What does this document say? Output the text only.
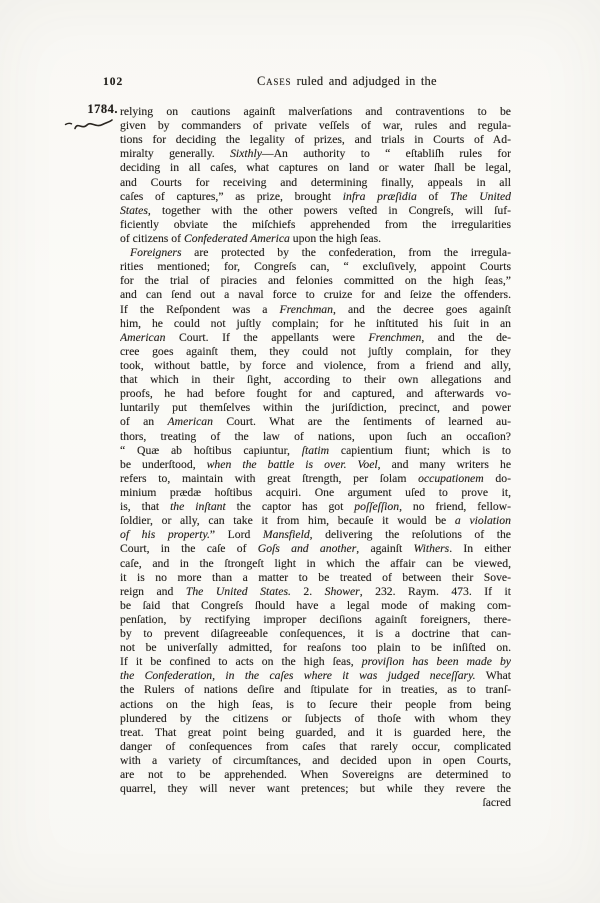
102	Cases ruled and adjudged in the
1784. relying on cautions againſt malverſations and contraventions to be
given by commanders of private veſſels of war, rules and regula-
tions for deciding the legality of prizes, and trials in Courts of Ad-
miralty generally. Sixthly—An authority to “ eſtabliſh rules for
deciding in all caſes, what captures on land or water ſhall be legal,
and Courts for receiving and determining finally, appeals in all
caſes of captures,” as prize, brought infra præſidia of The United
States, together with the other powers veſted in Congreſs, will ſuf-
ficiently obviate the miſchiefs apprehended from the irregularities
of citizens of Confederated America upon the high ſeas.
Foreigners are protected by the confederation, from the irregula-
rities mentioned; for, Congreſs can, “ excluſively, appoint Courts
for the trial of piracies and felonies committed on the high ſeas,”
and can ſend out a naval force to cruize for and ſeize the offenders.
If the Reſpondent was a Frenchman, and the decree goes againſt
him, he could not juſtly complain; for he inſtituted his ſuit in an
American Court. If the appellants were Frenchmen, and the de-
cree goes againſt them, they could not juſtly complain, for they
took, without battle, by force and violence, from a friend and ally,
that which in their ſight, according to their own allegations and
proofs, he had before fought for and captured, and afterwards vo-
luntarily put themſelves within the juriſdiction, precinct, and power
of an American Court. What are the ſentiments of learned au-
thors, treating of the law of nations, upon ſuch an occaſion?
“ Quæ ab hoſtibus capiuntur, ſtatim capientium fiunt; which is to
be underſtood, when the battle is over. Voel, and many writers he
refers to, maintain with great ſtrength, per ſolam occupationem do-
minium prædæ hoſtibus acquiri. One argument uſed to prove it,
is, that the inſtant the captor has got poſſeſſion, no friend, fellow-
ſoldier, or ally, can take it from him, becauſe it would be a violation
of his property.” Lord Mansfield, delivering the reſolutions of the
Court, in the caſe of Goſs and another, againſt Withers. In either
caſe, and in the ſtrongeſt light in which the affair can be viewed,
it is no more than a matter to be treated of between their Sove-
reign and The United States. 2. Shower, 232. Raym. 473. If it
be ſaid that Congreſs ſhould have a legal mode of making com-
penſation, by rectifying improper deciſions againſt foreigners, there-
by to prevent diſagreeable conſequences, it is a doctrine that can-
not be univerſally admitted, for reaſons too plain to be inſiſted on.
If it be confined to acts on the high ſeas, proviſion has been made by
the Confederation, in the caſes where it was judged neceſſary. What
the Rulers of nations deſire and ſtipulate for in treaties, as to tranſ-
actions on the high ſeas, is to ſecure their people from being
plundered by the citizens or ſubjects of thoſe with whom they
treat. That great point being guarded, and it is guarded here, the
danger of conſequences from caſes that rarely occur, complicated
with a variety of circumſtances, and decided upon in open Courts,
are not to be apprehended. When Sovereigns are determined to
quarrel, they will never want pretences; but while they revere the
ſacred
